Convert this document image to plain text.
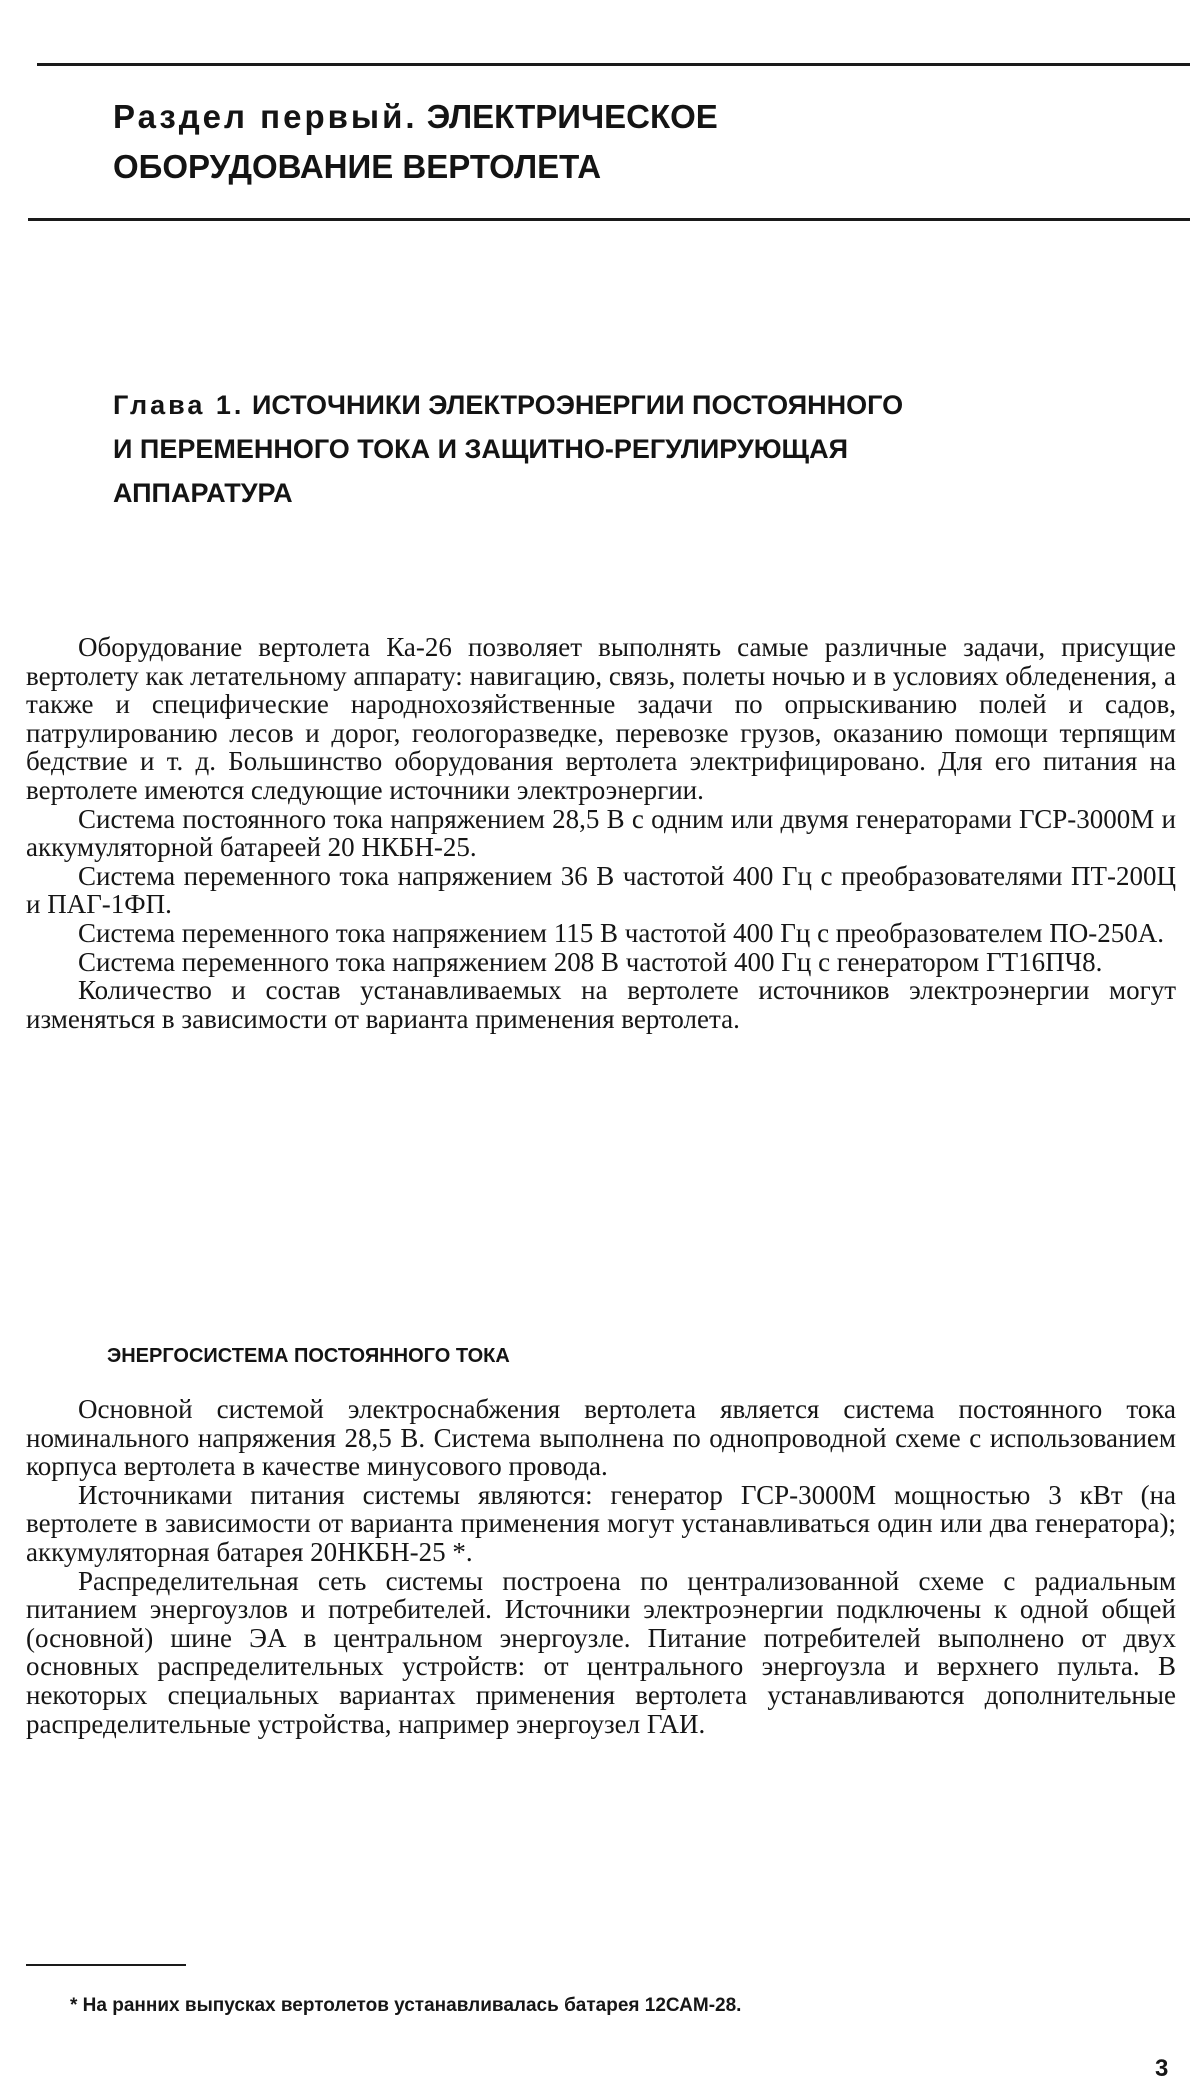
Раздел первый. ЭЛЕКТРИЧЕСКОЕ
ОБОРУДОВАНИЕ ВЕРТОЛЕТА
Глава 1. ИСТОЧНИКИ ЭЛЕКТРОЭНЕРГИИ ПОСТОЯННОГО
И ПЕРЕМЕННОГО ТОКА И ЗАЩИТНО-РЕГУЛИРУЮЩАЯ
АППАРАТУРА

Оборудование вертолета Ка-26 позволяет выполнять самые различные задачи, присущие вертолету как летательному аппарату: навигацию, связь, полеты ночью и в условиях обледенения, а также и специфические народнохозяйственные задачи по опрыскиванию полей и садов, патрулированию лесов и дорог, геологоразведке, перевозке грузов, оказанию помощи терпящим бедствие и т. д. Большинство оборудования вертолета электрифицировано. Для его питания на вертолете имеются следующие источники электроэнергии.

Система постоянного тока напряжением 28,5 В с одним или двумя генераторами ГСР-3000М и аккумуляторной батареей 20 НКБН-25.

Система переменного тока напряжением 36 В частотой 400 Гц с преобразователями ПТ-200Ц и ПАГ-1ФП.

Система переменного тока напряжением 115 В частотой 400 Гц с преобразователем ПО-250А.

Система переменного тока напряжением 208 В частотой 400 Гц с генератором ГТ16ПЧ8.

Количество и состав устанавливаемых на вертолете источников электроэнергии могут изменяться в зависимости от варианта применения вертолета.

ЭНЕРГОСИСТЕМА ПОСТОЯННОГО ТОКА

Основной системой электроснабжения вертолета является система постоянного тока номинального напряжения 28,5 В. Система выполнена по однопроводной схеме с использованием корпуса вертолета в качестве минусового провода.

Источниками питания системы являются: генератор ГСР-3000М мощностью 3 кВт (на вертолете в зависимости от варианта применения могут устанавливаться один или два генератора); аккумуляторная батарея 20НКБН-25 *.

Распределительная сеть системы построена по централизованной схеме с радиальным питанием энергоузлов и потребителей. Источники электроэнергии подключены к одной общей (основной) шине ЭА в центральном энергоузле. Питание потребителей выполнено от двух основных распределительных устройств: от центрального энергоузла и верхнего пульта. В некоторых специальных вариантах применения вертолета устанавливаются дополнительные распределительные устройства, например энергоузел ГАИ.

* На ранних выпусках вертолетов устанавливалась батарея 12САМ-28.

3
